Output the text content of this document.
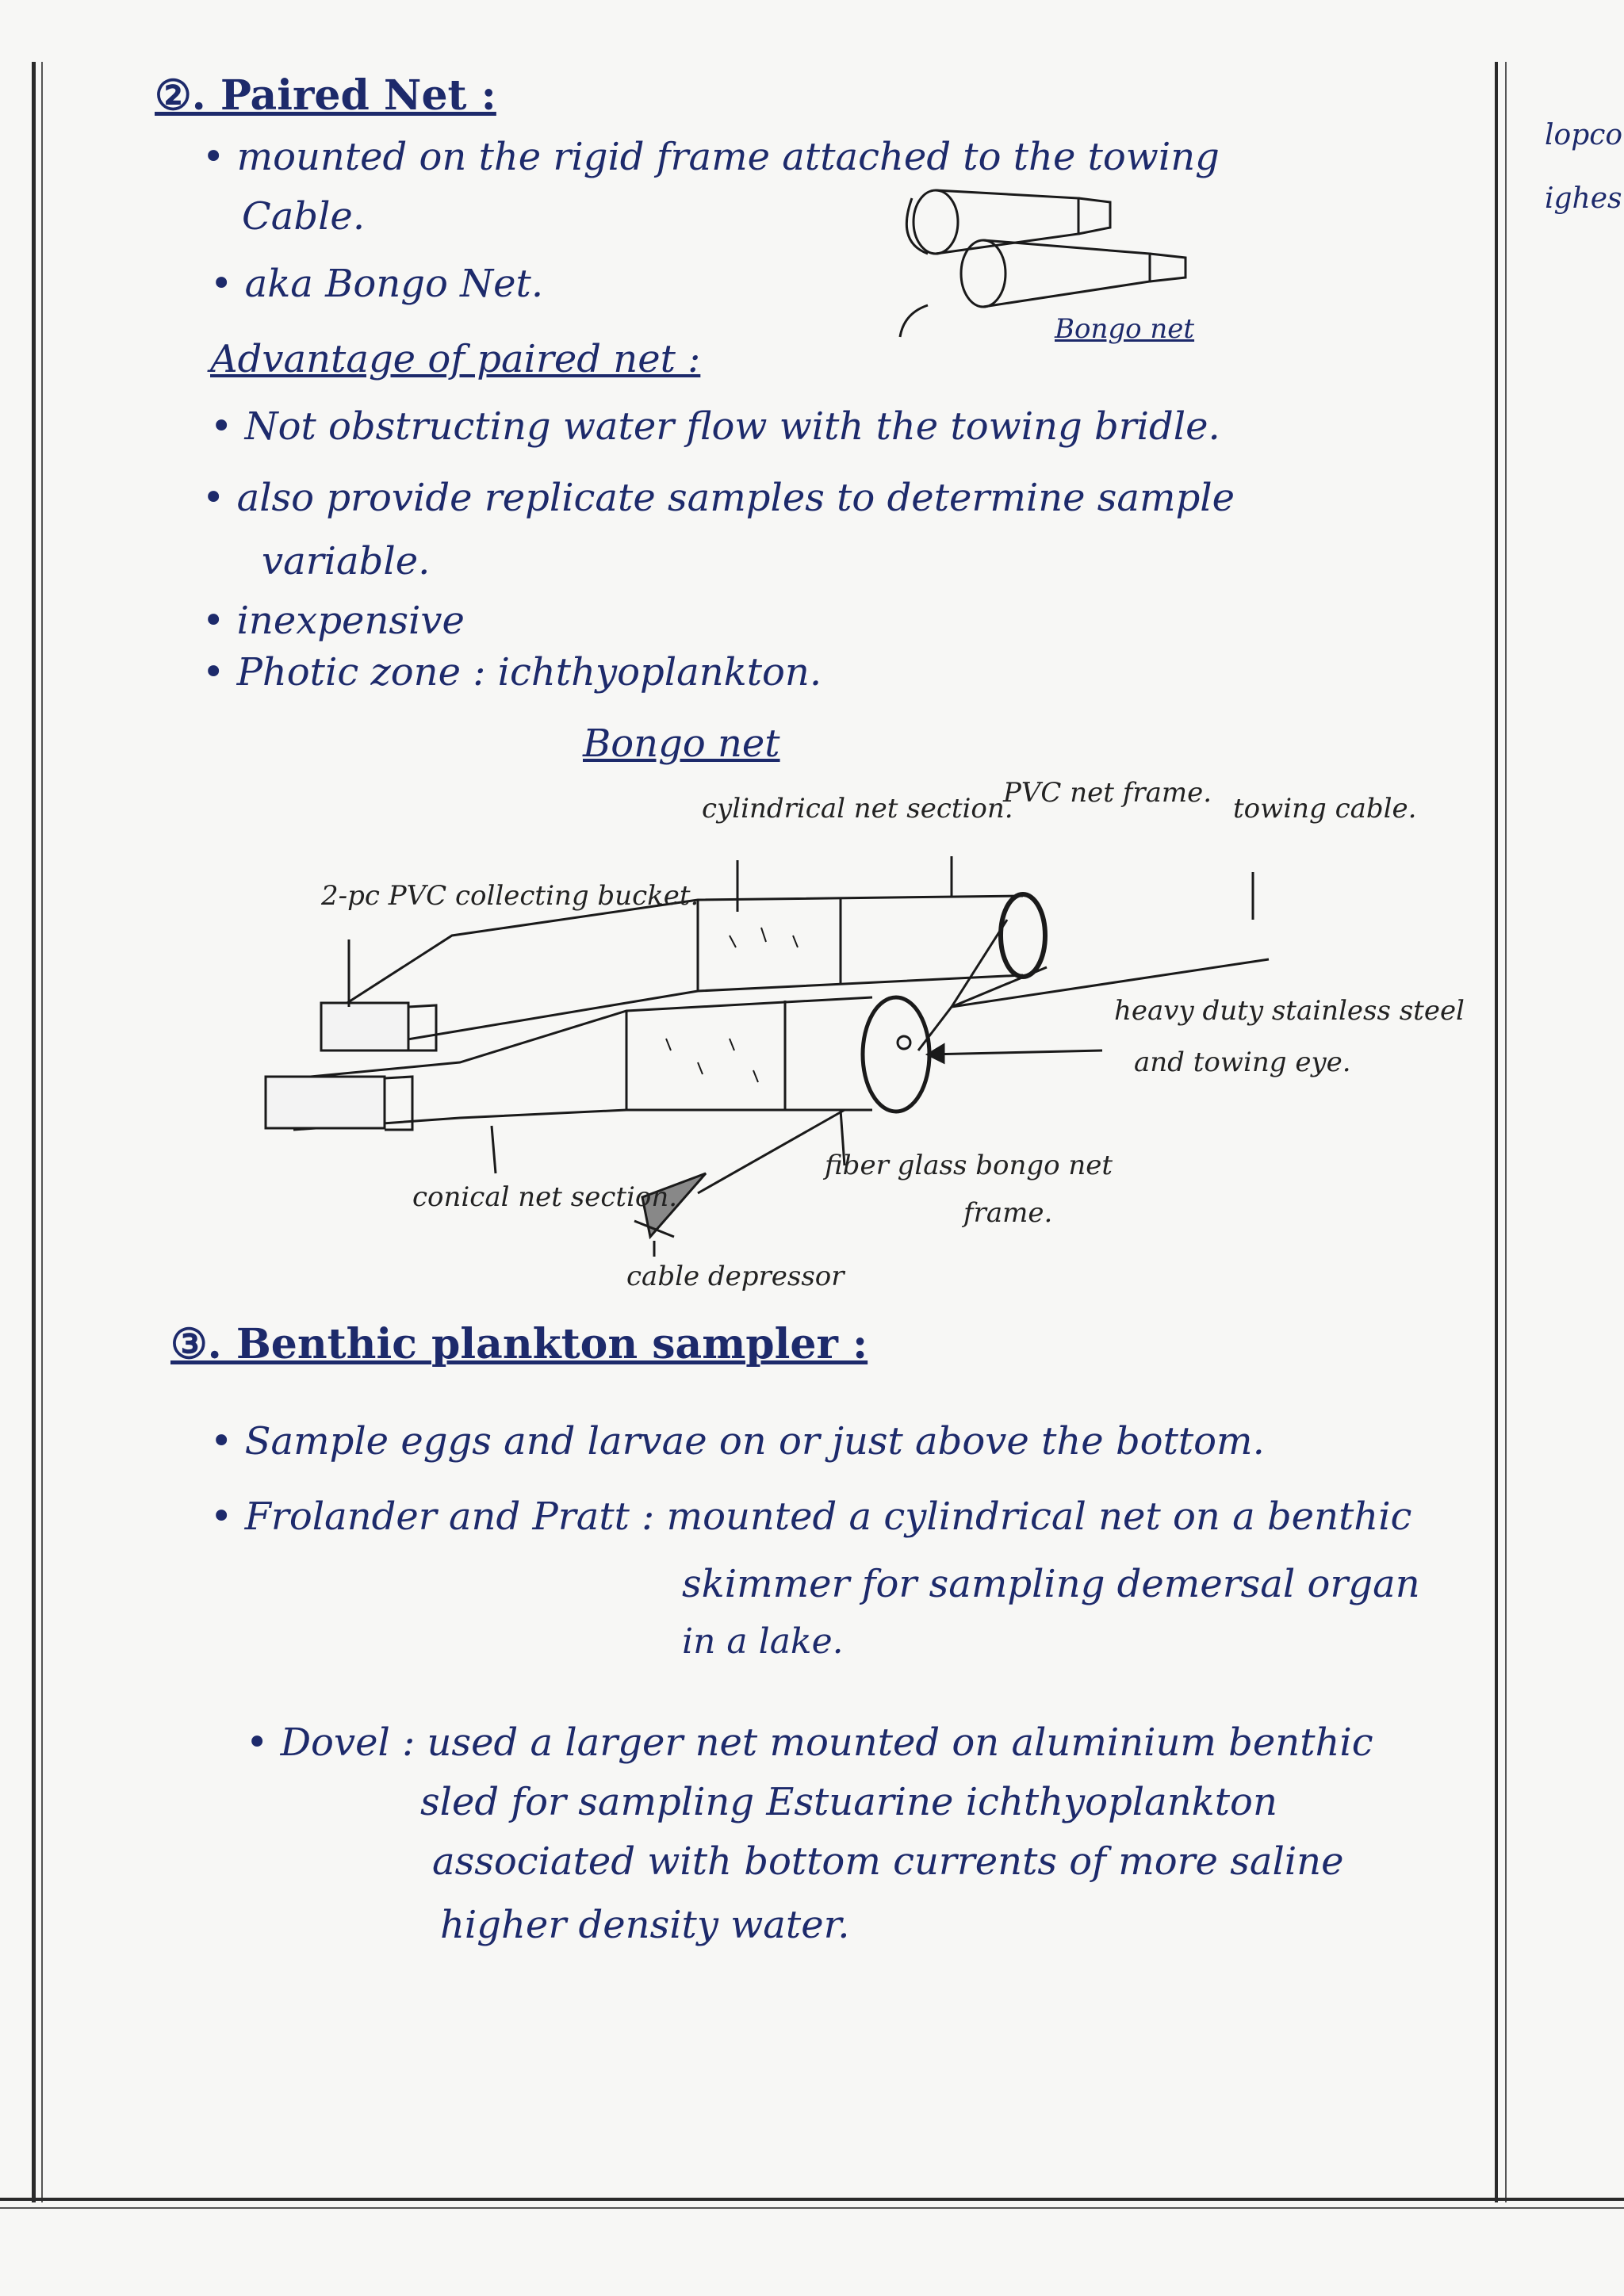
lopco
ighes
②. Paired Net :
• mounted on the rigid frame attached to the towing
Cable.
• aka Bongo Net.
Bongo net
Advantage of paired net :
• Not obstructing water flow with the towing bridle.
• also provide replicate samples to determine sample
variable.
• inexpensive
• Photic zone : ichthyoplankton.
Bongo net
cylindrical net section.
PVC net frame. towing cable.
2-pc PVC collecting bucket.
heavy duty stainless steel
and towing eye.
conical net section.
fiber glass bongo net
frame.
cable depressor
③. Benthic plankton sampler :
• Sample eggs and larvae on or just above the bottom.
• Frolander and Pratt : mounted a cylindrical net on a benthic
skimmer for sampling demersal organ
in a lake.
• Dovel : used a larger net mounted on aluminium benthic
sled for sampling Estuarine ichthyoplankton
associated with bottom currents of more saline
higher density water.
